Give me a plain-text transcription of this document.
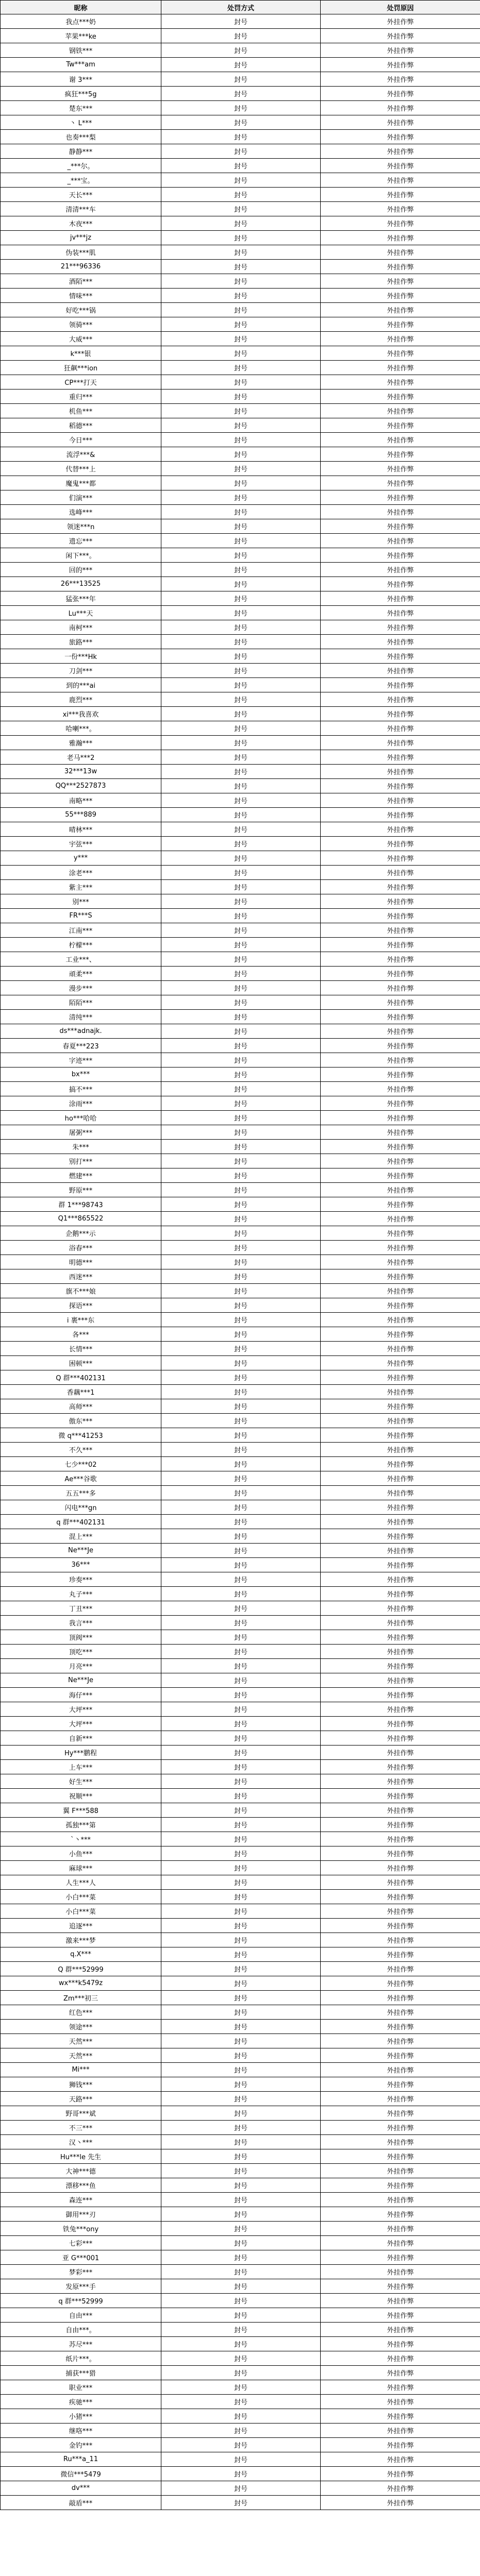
昵称	处罚方式	处罚原因
我点***奶	封号	外挂作弊
苹果***ke	封号	外挂作弊
钢铁***	封号	外挂作弊
Tw***am	封号	外挂作弊
谢 3***	封号	外挂作弊
疯狂***5g	封号	外挂作弊
楚东***	封号	外挂作弊
丶 L***	封号	外挂作弊
也奏***梨	封号	外挂作弊
静静***	封号	外挂作弊
_***尔。	封号	外挂作弊
_***宝。	封号	外挂作弊
天长***	封号	外挂作弊
清清***车	封号	外挂作弊
木夜***	封号	外挂作弊
jv***jz	封号	外挂作弊
伪装***肌	封号	外挂作弊
21***96336	封号	外挂作弊
酒陌***	封号	外挂作弊
情味***	封号	外挂作弊
好吃***锅	封号	外挂作弊
领骑***	封号	外挂作弊
大威***	封号	外挂作弊
k***银	封号	外挂作弊
狂飙***ion	封号	外挂作弊
CP***打天	封号	外挂作弊
重归***	封号	外挂作弊
机鱼***	封号	外挂作弊
稻德***	封号	外挂作弊
今日***	封号	外挂作弊
流浮***&	封号	外挂作弊
代替***上	封号	外挂作弊
魔鬼***都	封号	外挂作弊
们演***	封号	外挂作弊
选峰***	封号	外挂作弊
领迷***n	封号	外挂作弊
遗忘***	封号	外挂作弊
闲下***。	封号	外挂作弊
回的***	封号	外挂作弊
26***13525	封号	外挂作弊
猛张***年	封号	外挂作弊
Lu***天	封号	外挂作弊
南柯***	封号	外挂作弊
旅路***	封号	外挂作弊
一份***Hk	封号	外挂作弊
刀剑***	封号	外挂作弊
到的***ai	封号	外挂作弊
鹿烈***	封号	外挂作弊
xi***我喜欢	封号	外挂作弊
哈喇***。	封号	外挂作弊
雅瀚***	封号	外挂作弊
老马***2	封号	外挂作弊
32***13w	封号	外挂作弊
QQ***2527873	封号	外挂作弊
南略***	封号	外挂作弊
55***889	封号	外挂作弊
晴林***	封号	外挂作弊
宇弦***	封号	外挂作弊
y***	封号	外挂作弊
涂老***	封号	外挂作弊
紫主***	封号	外挂作弊
别***	封号	外挂作弊
FR***S	封号	外挂作弊
江南***	封号	外挂作弊
柠檬***	封号	外挂作弊
工业***、	封号	外挂作弊
頑柔***	封号	外挂作弊
漫步***	封号	外挂作弊
陌陌***	封号	外挂作弊
清纯***	封号	外挂作弊
ds***adnajk.	封号	外挂作弊
春夏***223	封号	外挂作弊
字迹***	封号	外挂作弊
bx***	封号	外挂作弊
搞不***	封号	外挂作弊
涂雨***	封号	外挂作弊
ho***哈哈	封号	外挂作弊
屠粥***	封号	外挂作弊
朱***	封号	外挂作弊
别打***	封号	外挂作弊
燃建***	封号	外挂作弊
野原***	封号	外挂作弊
群 1***98743	封号	外挂作弊
Q1***865522	封号	外挂作弊
企鹅***示	封号	外挂作弊
浴春***	封号	外挂作弊
明德***	封号	外挂作弊
西迷***	封号	外挂作弊
旗不***娘	封号	外挂作弊
探语***	封号	外挂作弊
i 裹***东	封号	外挂作弊
各***	封号	外挂作弊
长情***	封号	外挂作弊
困顿***	封号	外挂作弊
Q 群***402131	封号	外挂作弊
香藕***1	封号	外挂作弊
高师***	封号	外挂作弊
傲东***	封号	外挂作弊
微 q***41253	封号	外挂作弊
不久***	封号	外挂作弊
七少***02	封号	外挂作弊
Ae***谷歌	封号	外挂作弊
五五***多	封号	外挂作弊
闪电***gn	封号	外挂作弊
q 群***402131	封号	外挂作弊
混上***	封号	外挂作弊
Ne***Je	封号	外挂作弊
36***	封号	外挂作弊
珍奏***	封号	外挂作弊
丸子***	封号	外挂作弊
丁丑***	封号	外挂作弊
我言***	封号	外挂作弊
顶阀***	封号	外挂作弊
顶吃***	封号	外挂作弊
月亮***	封号	外挂作弊
Ne***Je	封号	外挂作弊
海仔***	封号	外挂作弊
大坪***	封号	外挂作弊
大坪***	封号	外挂作弊
自新***	封号	外挂作弊
Hy***鹏程	封号	外挂作弊
上车***	封号	外挂作弊
好生***	封号	外挂作弊
祝顺***	封号	外挂作弊
翼 F***588	封号	外挂作弊
孤独***第	封号	外挂作弊
`丶***	封号	外挂作弊
小鱼***	封号	外挂作弊
麻球***	封号	外挂作弊
人生***人	封号	外挂作弊
小白***菜	封号	外挂作弊
小白***菜	封号	外挂作弊
追逐***	封号	外挂作弊
激来***梦	封号	外挂作弊
q.X***	封号	外挂作弊
Q 群***52999	封号	外挂作弊
wx***k5479z	封号	外挂作弊
Zm***初三	封号	外挂作弊
红色***	封号	外挂作弊
领途***	封号	外挂作弊
天然***	封号	外挂作弊
天然***	封号	外挂作弊
Mi***	封号	外挂作弊
狮钱***	封号	外挂作弊
天路***	封号	外挂作弊
野哥***斌	封号	外挂作弊
不三***	封号	外挂作弊
汉丶***	封号	外挂作弊
Hu***le 先生	封号	外挂作弊
大神***德	封号	外挂作弊
漂移***鱼	封号	外挂作弊
森连***	封号	外挂作弊
御用***刃	封号	外挂作弊
铁兔***ony	封号	外挂作弊
七彩***	封号	外挂作弊
亚 G***001	封号	外挂作弊
梦彩***	封号	外挂作弊
发原***手	封号	外挂作弊
q 群***52999	封号	外挂作弊
自由***	封号	外挂作弊
自由***。	封号	外挂作弊
苏尽***	封号	外挂作弊
纸片***。	封号	外挂作弊
捕获***猎	封号	外挂作弊
职业***	封号	外挂作弊
疾驰***	封号	外挂作弊
小猪***	封号	外挂作弊
继咯***	封号	外挂作弊
金钓***	封号	外挂作弊
Ru***a_11	封号	外挂作弊
微信***5479	封号	外挂作弊
dv***	封号	外挂作弊
敲盾***	封号	外挂作弊
